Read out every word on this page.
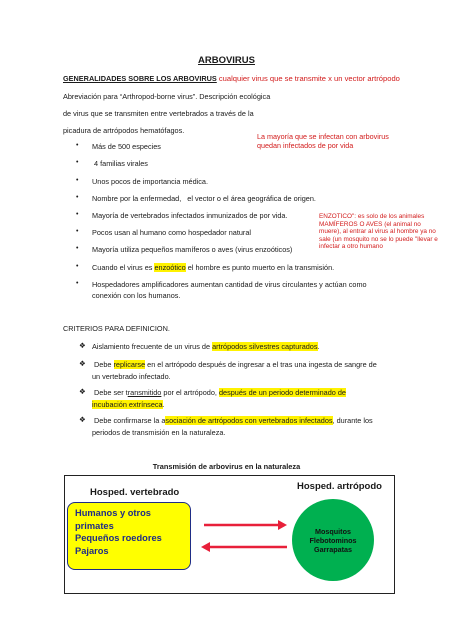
ARBOVIRUS
GENERALIDADES SOBRE LOS ARBOVIRUS cualquier virus que se transmite x un vector artrópodo
Abreviación para “Arthropod-borne virus”. Descripción ecológica
de virus que se transmiten entre vertebrados a través de la
picadura de artrópodos hematófagos.
La mayoría que se infectan con arbovirus
quedan infectados de por vida
• Más de 500 especies
• 4 familias virales
• Unos pocos de importancia médica.
• Nombre por la enfermedad,   el vector o el área geográfica de origen.
• Mayoría de vertebrados infectados inmunizados de por vida.
• Pocos usan al humano como hospedador natural
• Mayoría utiliza pequeños mamíferos o aves (virus enzoóticos)
• Cuando el virus es enzoótico el hombre es punto muerto en la transmisión.
• Hospedadores amplificadores aumentan cantidad de virus circulantes y actúan como
conexión con los humanos.
ENZOTICO": es solo de los animales
MAMÍFEROS O AVES (el animal no
muere), al entrar al virus al hombre ya no
sale (un mosquito no se lo puede "llevar e
infectar a otro humano
CRITERIOS PARA DEFINICION.
❖ Aislamiento frecuente de un virus de artrópodos silvestres capturados.
❖ Debe replicarse en el artrópodo después de ingresar a el tras una ingesta de sangre de
un vertebrado infectado.
❖ Debe ser transmitido por el artrópodo, después de un periodo determinado de
incubación extrínseca.
❖ Debe confirmarse la asociación de artrópodos con vertebrados infectados, durante los
periodos de transmisión en la naturaleza.
Transmisión de arbovirus en la naturaleza
Hosped. vertebrado
Hosped. artrópodo
Humanos y otros
primates
Pequeños roedores
Pajaros
Mosquitos
Flebotominos
Garrapatas
